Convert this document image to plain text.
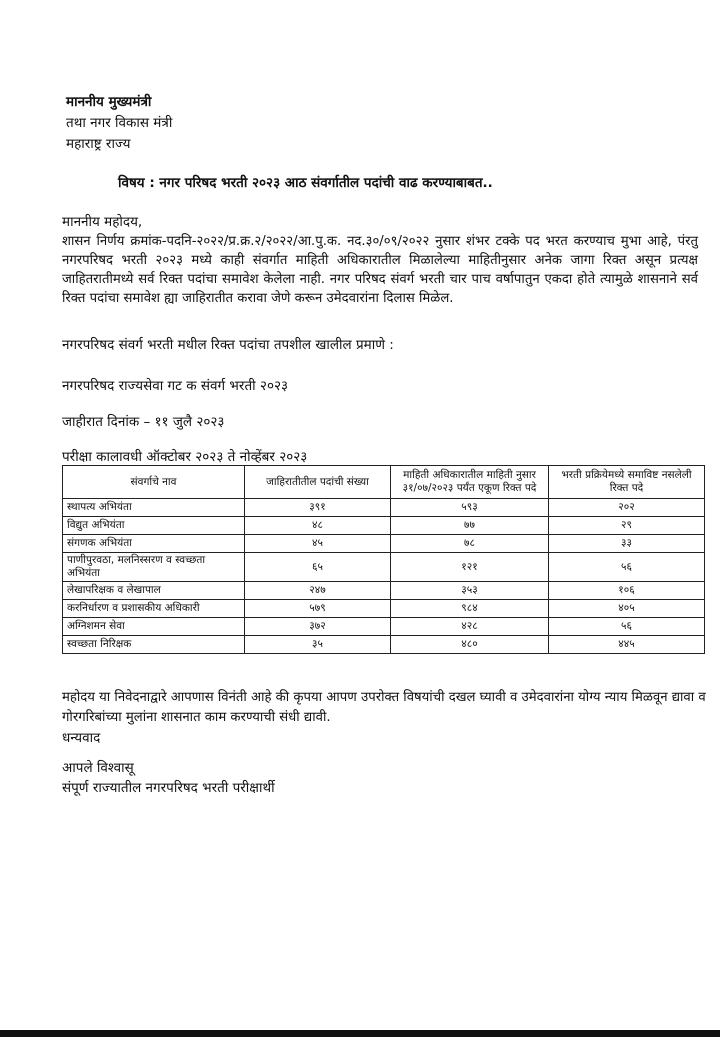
माननीय मुख्यमंत्री
तथा नगर विकास मंत्री
महाराष्ट्र राज्य
विषय : नगर परिषद भरती २०२३ आठ संवर्गातील पदांची वाढ करण्याबाबत..
माननीय महोदय,
शासन निर्णय क्रमांक-पदनि-२०२२/प्र.क्र.२/२०२२/आ.पु.क. नद.३०/०९/२०२२ नुसार शंभर टक्के पद भरत करण्याच मुभा आहे, पंरतु नगरपरिषद भरती २०२३ मध्ये काही संवर्गात माहिती अधिकारातील मिळालेल्या माहितीनुसार अनेक जागा रिक्त असून प्रत्यक्ष जाहितरातीमध्ये सर्व रिक्त पदांचा समावेश केलेला नाही. नगर परिषद संवर्ग भरती चार पाच वर्षापातुन एकदा होते त्यामुळे शासनाने सर्व रिक्त पदांचा समावेश ह्या जाहिरातीत करावा जेणे करून उमेदवारांना दिलास मिळेल.
नगरपरिषद संवर्ग भरती मधील रिक्त पदांचा तपशील खालील प्रमाणे :
नगरपरिषद राज्यसेवा गट क संवर्ग भरती २०२३
जाहीरात दिनांक – ११ जुलै २०२३
परीक्षा कालावधी ऑक्टोबर २०२३ ते नोव्हेंबर २०२३
संवर्गाचे नाव	जाहिरातीतील पदांची संख्या	माहिती अधिकारातील माहिती नुसार ३१/०७/२०२३ पर्यंत एकूण रिक्त पदे	भरती प्रक्रियेमध्ये समाविष्ट नसलेली रिक्त पदे
स्थापत्य अभियंता	३९१	५९३	२०२
विद्युत अभियंता	४८	७७	२९
संगणक अभियंता	४५	७८	३३
पाणीपुरवठा, मलनिस्सरण व स्वच्छता अभियंता	६५	१२१	५६
लेखापरिक्षक व लेखापाल	२४७	३५३	१०६
करनिर्धारण व प्रशासकीय अधिकारी	५७९	९८४	४०५
अग्निशमन सेवा	३७२	४२८	५६
स्वच्छता निरिक्षक	३५	४८०	४४५
महोदय या निवेदनाद्वारे आपणास विनंती आहे की कृपया आपण उपरोक्त विषयांची दखल घ्यावी व उमेदवारांना योग्य न्याय मिळवून द्यावा व गोरगरिबांच्या मुलांना शासनात काम करण्याची संधी द्यावी.
धन्यवाद
आपले विश्वासू
संपूर्ण राज्यातील नगरपरिषद भरती परीक्षार्थी
